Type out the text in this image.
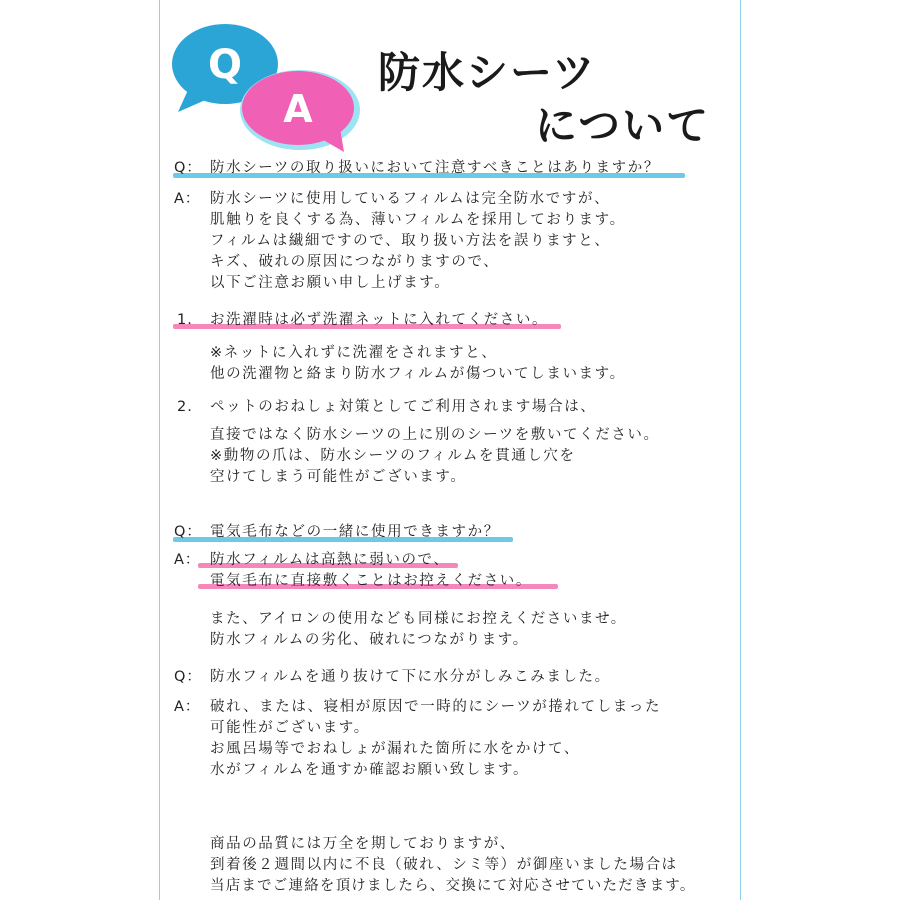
Q
A
防水シーツ
について
Q： 防水シーツの取り扱いにおいて注意すべきことはありますか？
A： 防水シーツに使用しているフィルムは完全防水ですが、
肌触りを良くする為、薄いフィルムを採用しております。
フィルムは繊細ですので、取り扱い方法を誤りますと、
キズ、破れの原因につながりますので、
以下ご注意お願い申し上げます。
1. お洗濯時は必ず洗濯ネットに入れてください。
※ネットに入れずに洗濯をされますと、
他の洗濯物と絡まり防水フィルムが傷ついてしまいます。
2. ペットのおねしょ対策としてご利用されます場合は、
直接ではなく防水シーツの上に別のシーツを敷いてください。
※動物の爪は、防水シーツのフィルムを貫通し穴を
空けてしまう可能性がございます。
Q： 電気毛布などの一緒に使用できますか？
A： 防水フィルムは高熱に弱いので、
電気毛布に直接敷くことはお控えください。
また、アイロンの使用なども同様にお控えくださいませ。
防水フィルムの劣化、破れにつながります。
Q： 防水フィルムを通り抜けて下に水分がしみこみました。
A： 破れ、または、寝相が原因で一時的にシーツが捲れてしまった
可能性がございます。
お風呂場等でおねしょが漏れた箇所に水をかけて、
水がフィルムを通すか確認お願い致します。
商品の品質には万全を期しておりますが、
到着後２週間以内に不良（破れ、シミ等）が御座いました場合は
当店までご連絡を頂けましたら、交換にて対応させていただきます。
